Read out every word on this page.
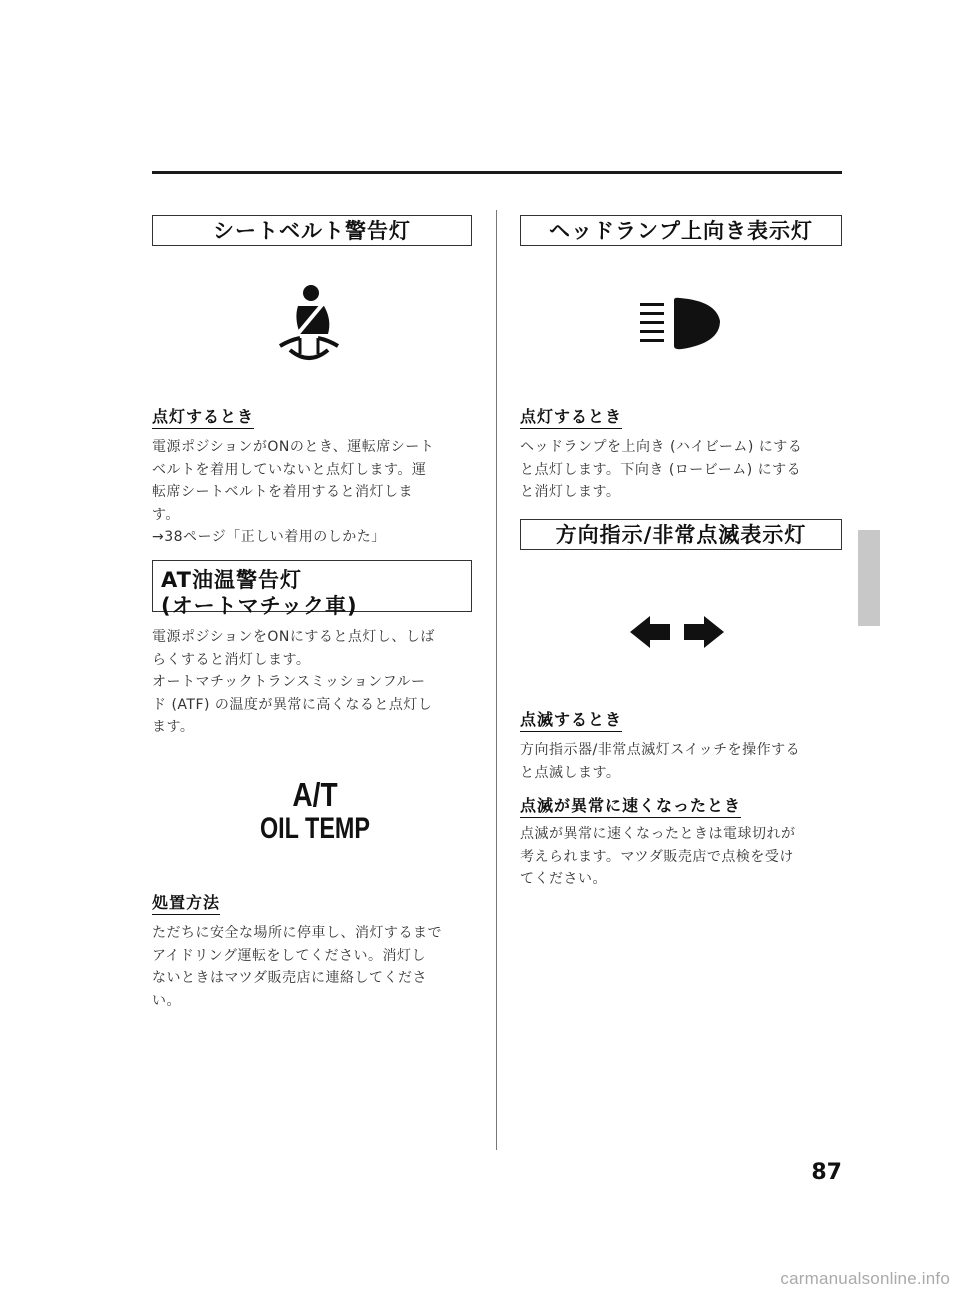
シートベルト警告灯
点灯するとき
電源ポジションがONのとき、運転席シート
ベルトを着用していないと点灯します。運
転席シートベルトを着用すると消灯しま
す。
→38ページ「正しい着用のしかた」
AT油温警告灯
(オートマチック車)
電源ポジションをONにすると点灯し、しば
らくすると消灯します。
オートマチックトランスミッションフルー
ド (ATF) の温度が異常に高くなると点灯し
ます。
A/T
OIL TEMP
処置方法
ただちに安全な場所に停車し、消灯するまで
アイドリング運転をしてください。消灯し
ないときはマツダ販売店に連絡してくださ
い。
ヘッドランプ上向き表示灯
点灯するとき
ヘッドランプを上向き (ハイビーム) にする
と点灯します。下向き (ロービーム) にする
と消灯します。
方向指示/非常点滅表示灯
点滅するとき
方向指示器/非常点滅灯スイッチを操作する
と点滅します。
点滅が異常に速くなったとき
点滅が異常に速くなったときは電球切れが
考えられます。マツダ販売店で点検を受け
てください。
87
carmanualsonline.info
